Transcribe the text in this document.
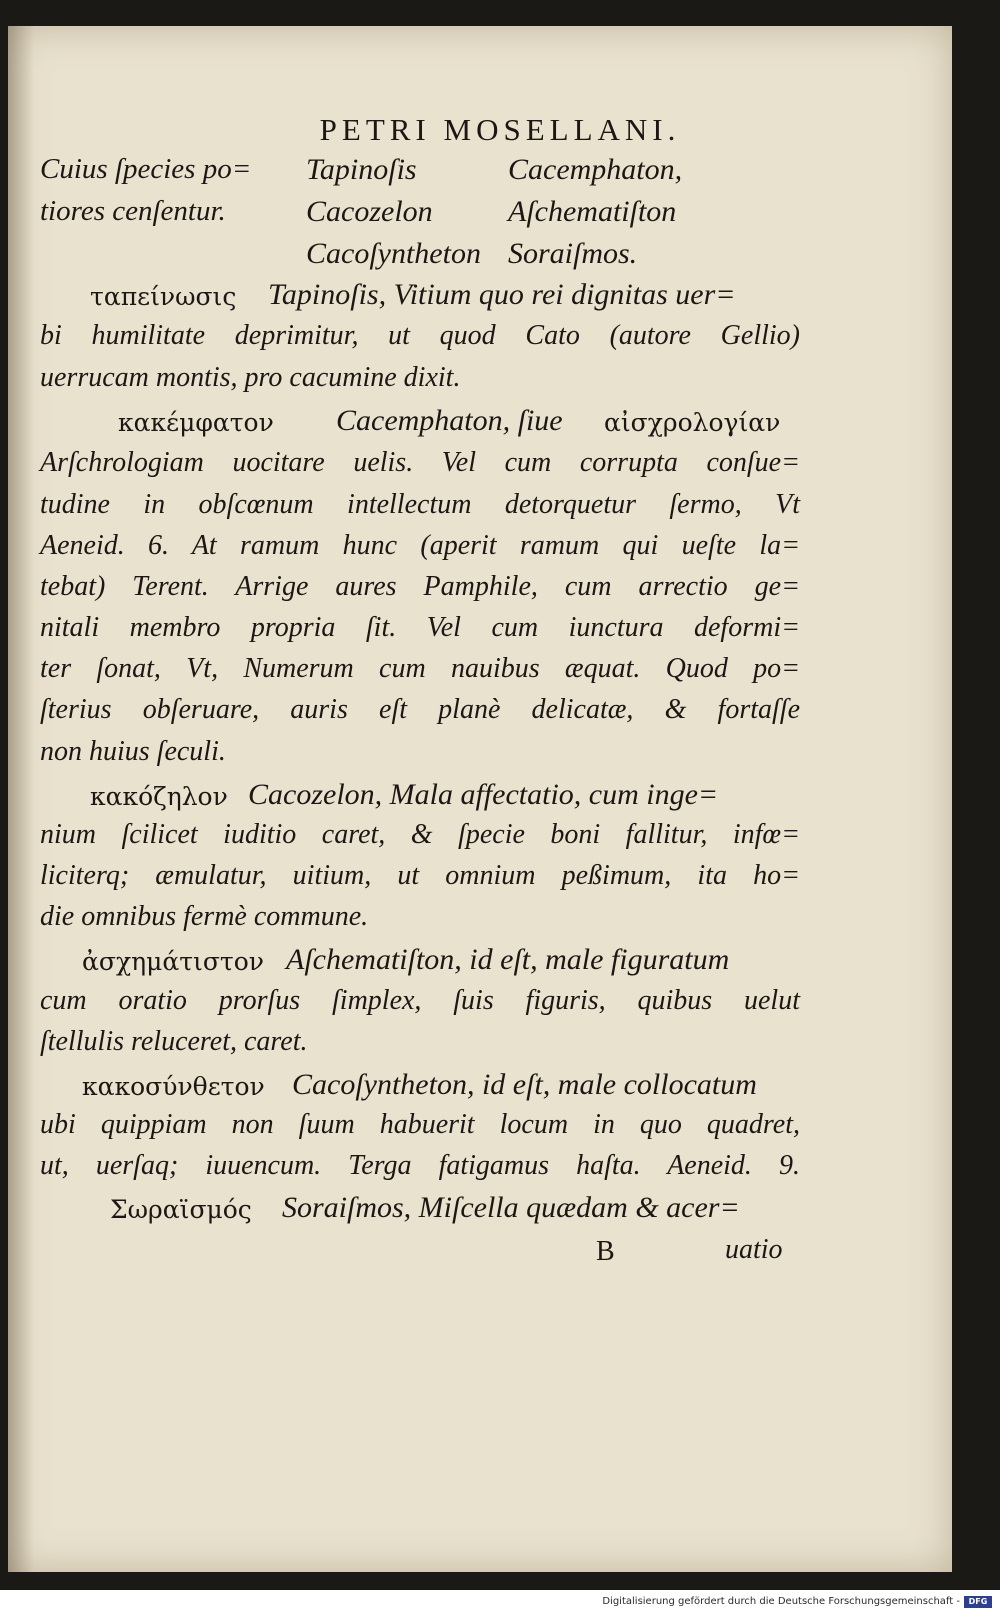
PETRI MOSELLANI.
Cuius ſpecies po=
tiores cenſentur.
Tapinoſis
Cacozelon
Cacoſyntheton
Cacemphaton,
Aſchematiſton
Soraiſmos.
ταπείνωσις Tapinoſis, Vitium quo rei dignitas uer=
bi humilitate deprimitur, ut quod Cato (autore Gellio)
uerrucam montis, pro cacumine dixit.
κακέμφατον Cacemphaton, ſiue αἰσχρολογίαν
Arſchrologiam uocitare uelis. Vel cum corrupta conſue=
tudine in obſcœnum intellectum detorquetur ſermo, Vt
Aeneid. 6. At ramum hunc (aperit ramum qui ueſte la=
tebat) Terent. Arrige aures Pamphile, cum arrectio ge=
nitali membro propria ſit. Vel cum iunctura deformi=
ter ſonat, Vt, Numerum cum nauibus æquat. Quod po=
ſterius obſeruare, auris eſt planè delicatæ, & fortaſſe
non huius ſeculi.
κακόζηλον Cacozelon, Mala affectatio, cum inge=
nium ſcilicet iuditio caret, & ſpecie boni fallitur, infœ=
liciterq; æmulatur, uitium, ut omnium peßimum, ita ho=
die omnibus fermè commune.
ἀσχημάτιστον Aſchematiſton, id eſt, male figuratum
cum oratio prorſus ſimplex, ſuis figuris, quibus uelut
ſtellulis reluceret, caret.
κακοσύνθετον Cacoſyntheton, id eſt, male collocatum
ubi quippiam non ſuum habuerit locum in quo quadret,
ut, uerſaq; iuuencum. Terga fatigamus haſta. Aeneid. 9.
Σωραϊσμός Soraiſmos, Miſcella quædam & acer=
B	uatio
Digitalisierung gefördert durch die Deutsche Forschungsgemeinschaft -	DFG
